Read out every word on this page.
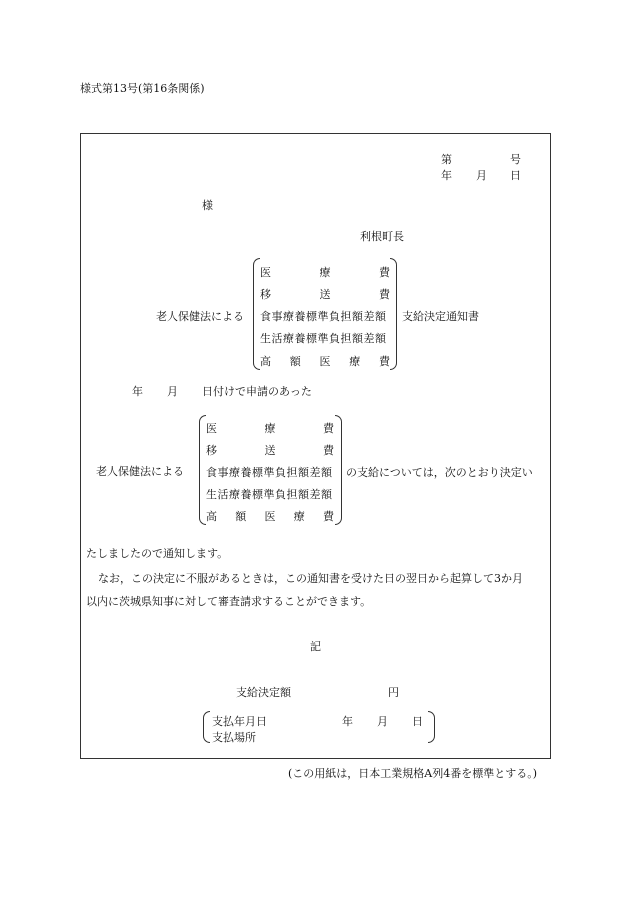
様式第13号(第16条関係)
第	号
年 月 日
様
利根町長
老人保健法による
医	療	費
移	送	費
食事療養標準負担額差額
生活療養標準負担額差額
高 額 医 療 費
支給決定通知書
年 月 日付けで申請のあった
老人保健法による
医	療	費
移	送	費
食事療養標準負担額差額
生活療養標準負担額差額
高 額 医 療 費
の支給については，次のとおり決定い
たしましたので通知します。
なお，この決定に不服があるときは，この通知書を受けた日の翌日から起算して3か月
以内に茨城県知事に対して審査請求することができます。
記
支給決定額	円
支払年月日	年 月 日
支払場所
(この用紙は，日本工業規格A列4番を標準とする。)
